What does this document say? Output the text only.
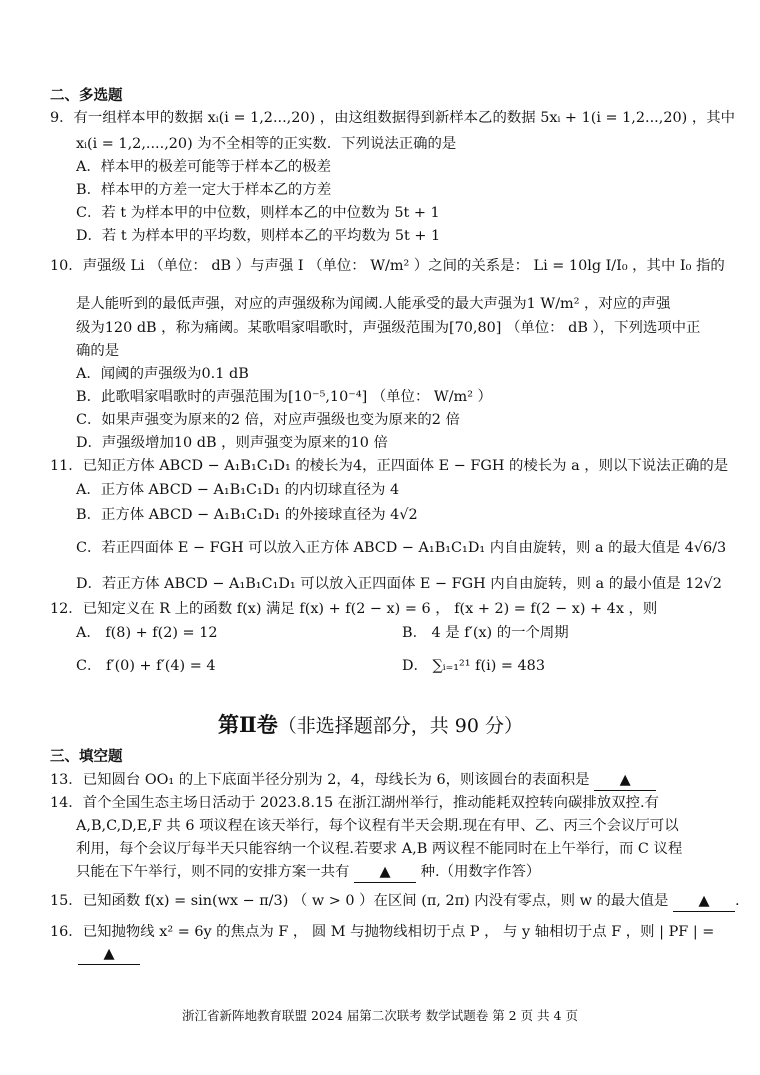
二、多选题
9．有一组样本甲的数据 xᵢ(i = 1,2...,20) ，由这组数据得到新样本乙的数据 5xᵢ + 1(i = 1,2...,20) ，其中
xᵢ(i = 1,2,....,20) 为不全相等的正实数．下列说法正确的是
A．样本甲的极差可能等于样本乙的极差
B．样本甲的方差一定大于样本乙的方差
C．若 t 为样本甲的中位数，则样本乙的中位数为 5t + 1
D．若 t 为样本甲的平均数，则样本乙的平均数为 5t + 1
10．声强级 Li （单位： dB ）与声强 I （单位： W/m² ）之间的关系是： Li = 10lg I/I₀ ，其中 I₀ 指的
是人能听到的最低声强，对应的声强级称为闻阈.人能承受的最大声强为1 W/m² ，对应的声强
级为120 dB ，称为痛阈。某歌唱家唱歌时，声强级范围为[70,80] （单位： dB ），下列选项中正
确的是
A．闻阈的声强级为0.1 dB
B．此歌唱家唱歌时的声强范围为[10⁻⁵,10⁻⁴] （单位： W/m² ）
C．如果声强变为原来的2 倍，对应声强级也变为原来的2 倍
D．声强级增加10 dB ，则声强变为原来的10 倍
11．已知正方体 ABCD − A₁B₁C₁D₁ 的棱长为4，正四面体 E − FGH 的棱长为 a ，则以下说法正确的是
A．正方体 ABCD − A₁B₁C₁D₁ 的内切球直径为 4
B．正方体 ABCD − A₁B₁C₁D₁ 的外接球直径为 4√2
C．若正四面体 E − FGH 可以放入正方体 ABCD − A₁B₁C₁D₁ 内自由旋转，则 a 的最大值是 4√6/3
D．若正方体 ABCD − A₁B₁C₁D₁ 可以放入正四面体 E − FGH 内自由旋转，则 a 的最小值是 12√2
12．已知定义在 R 上的函数 f(x) 满足 f(x) + f(2 − x) = 6 ， f(x + 2) = f(2 − x) + 4x ，则
A． f(8) + f(2) = 12	B． 4 是 f′(x) 的一个周期
C． f′(0) + f′(4) = 4	D． ∑ᵢ₌₁²¹ f(i) = 483
第Ⅱ卷（非选择题部分，共 90 分）
三、填空题
13．已知圆台 OO₁ 的上下底面半径分别为 2，4，母线长为 6，则该圆台的表面积是 ▲
14．首个全国生态主场日活动于 2023.8.15 在浙江湖州举行，推动能耗双控转向碳排放双控.有
A,B,C,D,E,F 共 6 项议程在该天举行，每个议程有半天会期.现在有甲、乙、丙三个会议厅可以
利用，每个会议厅每半天只能容纳一个议程.若要求 A,B 两议程不能同时在上午举行，而 C 议程
只能在下午举行，则不同的安排方案一共有 ▲ 种.（用数字作答）
15．已知函数 f(x) = sin(wx − π/3) （ w > 0 ）在区间 (π, 2π) 内没有零点，则 w 的最大值是 ▲ .
16．已知抛物线 x² = 6y 的焦点为 F ， 圆 M 与抛物线相切于点 P ， 与 y 轴相切于点 F ，则 | PF | =
▲
浙江省新阵地教育联盟 2024 届第二次联考 数学试题卷 第 2 页 共 4 页
